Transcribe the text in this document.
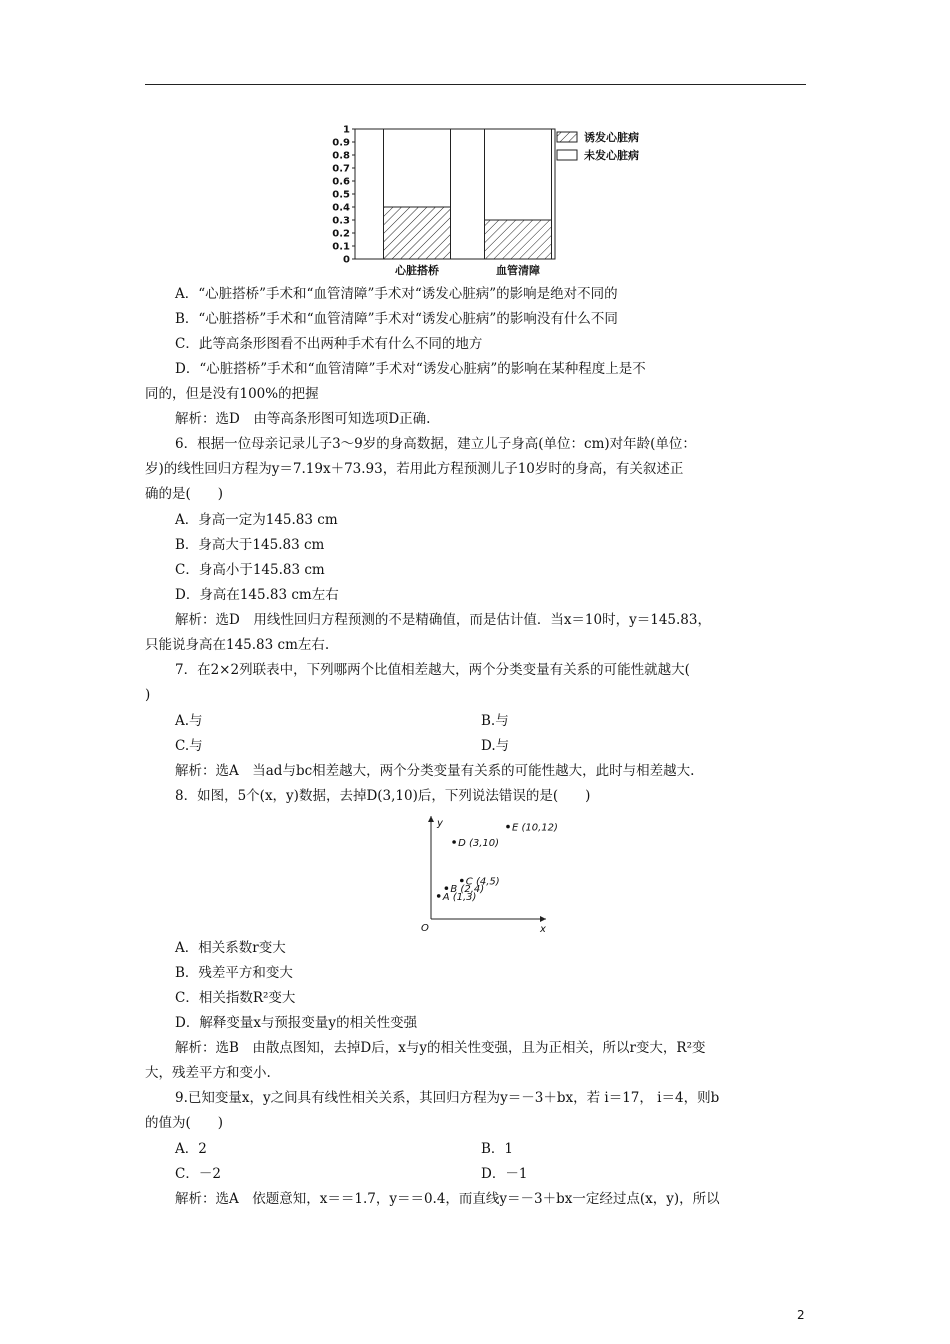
0
0.1
0.2
0.3
0.4
0.5
0.6
0.7
0.8
0.9
1
心脏搭桥	血管清障
诱发心脏病
未发心脏病
x
y
O
A (1,3)
B (2,4)
C (4,5)
D (3,10)
E (10,12)
A．“心脏搭桥”手术和“血管清障”手术对“诱发心脏病”的影响是绝对不同的
B．“心脏搭桥”手术和“血管清障”手术对“诱发心脏病”的影响没有什么不同
C．此等高条形图看不出两种手术有什么不同的地方
D．“心脏搭桥”手术和“血管清障”手术对“诱发心脏病”的影响在某种程度上是不
同的，但是没有100%的把握
解析：选D　由等高条形图可知选项D正确.
6．根据一位母亲记录儿子3～9岁的身高数据，建立儿子身高(单位：cm)对年龄(单位：
岁)的线性回归方程为y＝7.19x＋73.93，若用此方程预测儿子10岁时的身高，有关叙述正
确的是(　　)
A．身高一定为145.83 cm
B．身高大于145.83 cm
C．身高小于145.83 cm
D．身高在145.83 cm左右
解析：选D　用线性回归方程预测的不是精确值，而是估计值．当x＝10时，y＝145.83，
只能说身高在145.83 cm左右.
7．在2×2列联表中，下列哪两个比值相差越大，两个分类变量有关系的可能性就越大(
)
A.与	B.与
C.与	D.与
解析：选A　当ad与bc相差越大，两个分类变量有关系的可能性越大，此时与相差越大.
8．如图，5个(x，y)数据，去掉D(3,10)后，下列说法错误的是(　　)
A．相关系数r变大
B．残差平方和变大
C．相关指数R²变大
D．解释变量x与预报变量y的相关性变强
解析：选B　由散点图知，去掉D后，x与y的相关性变强，且为正相关，所以r变大，R²变
大，残差平方和变小.
9.已知变量x，y之间具有线性相关关系，其回归方程为y＝－3＋bx，若 i＝17， i＝4，则b
的值为(　　)
A．2	B．1
C．－2	D．－1
解析：选A　依题意知，x＝＝1.7，y＝＝0.4，而直线y＝－3＋bx一定经过点(x，y)，所以
2
